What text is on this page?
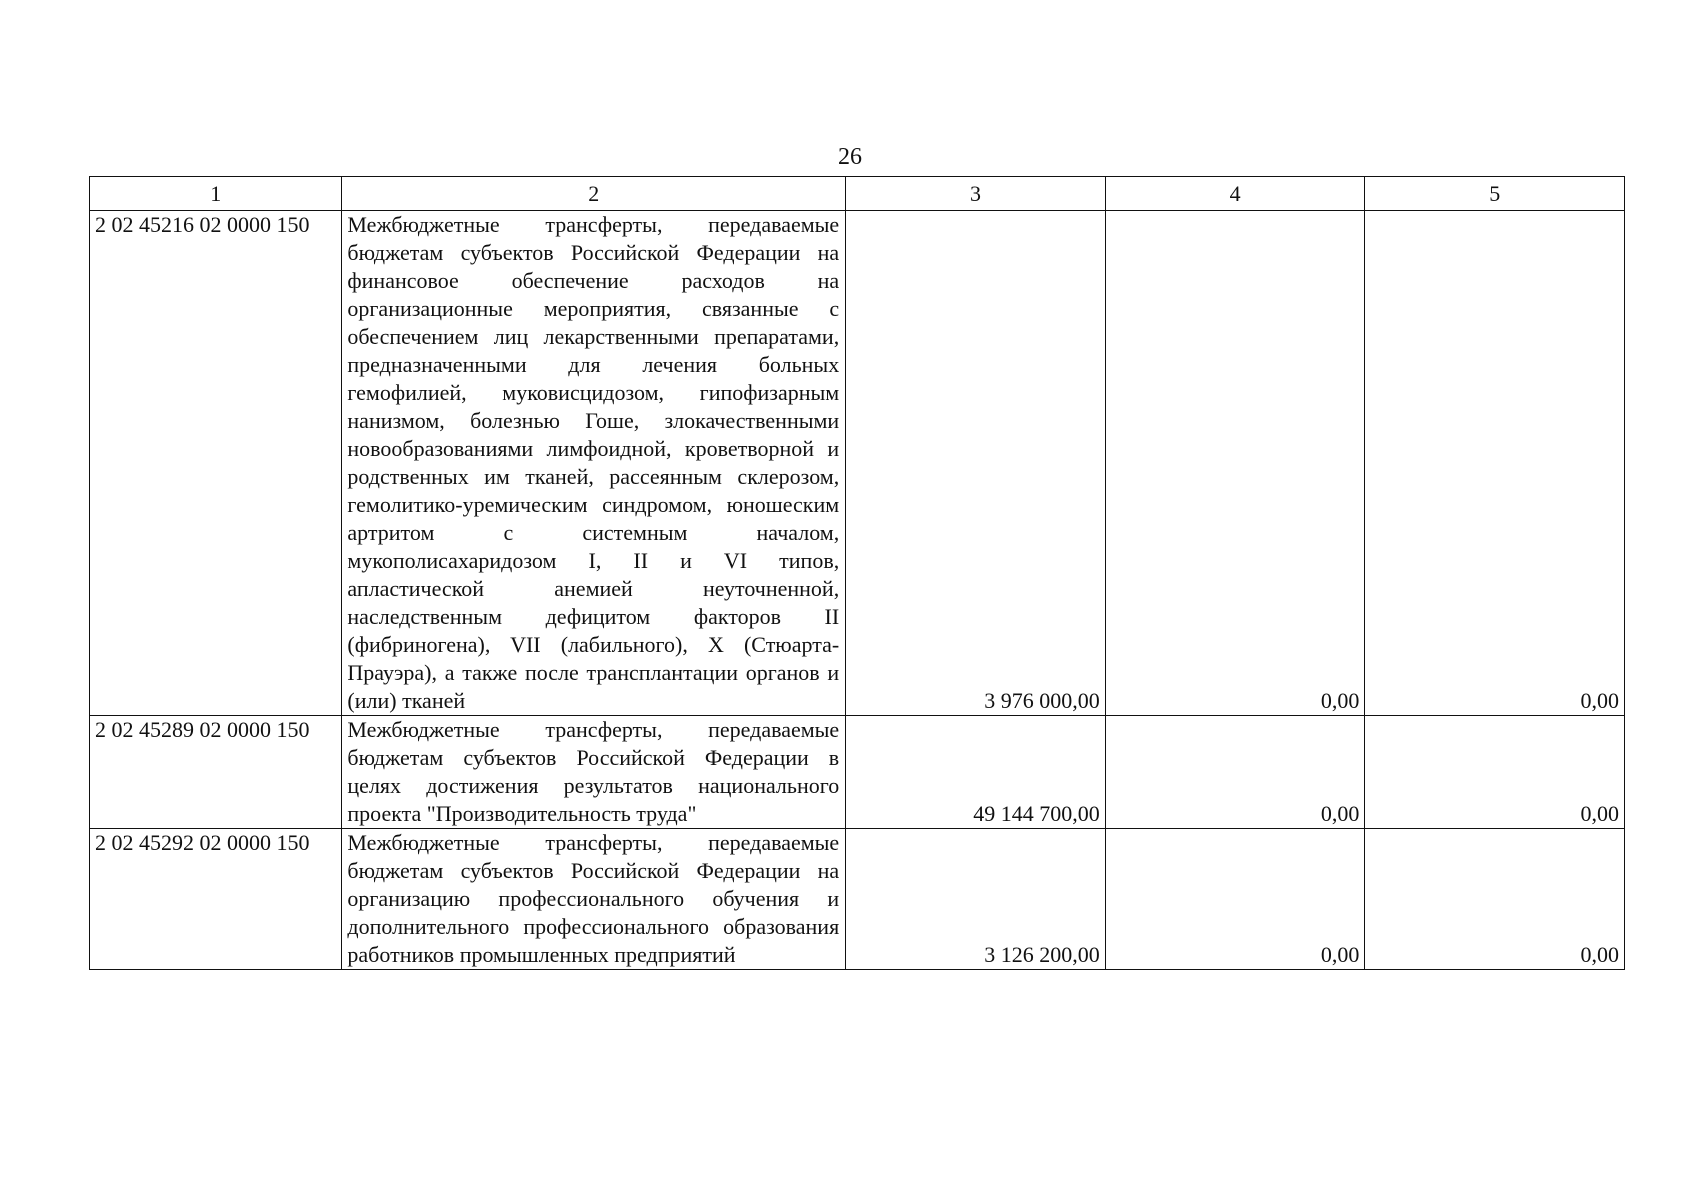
26
1	2	3	4	5
2 02 45216 02 0000 150	Межбюджетные трансферты, передаваемые бюджетам субъектов Российской Федерации на финансовое обеспечение расходов на организационные мероприятия, связанные с обеспечением лиц лекарственными препаратами, предназначенными для лечения больных гемофилией, муковисцидозом, гипофизарным нанизмом, болезнью Гоше, злокачественными новообразованиями лимфоидной, кроветворной и родственных им тканей, рассеянным склерозом, гемолитико-уремическим синдромом, юношеским артритом с системным началом, мукополисахаридозом I, II и VI типов, апластической анемией неуточненной, наследственным дефицитом факторов II (фибриногена), VII (лабильного), X (Стюарта-Прауэра), а также после трансплантации органов и (или) тканей	3 976 000,00	0,00	0,00
2 02 45289 02 0000 150	Межбюджетные трансферты, передаваемые бюджетам субъектов Российской Федерации в целях достижения результатов национального проекта "Производительность труда"	49 144 700,00	0,00	0,00
2 02 45292 02 0000 150	Межбюджетные трансферты, передаваемые бюджетам субъектов Российской Федерации на организацию профессионального обучения и дополнительного профессионального образования работников промышленных предприятий	3 126 200,00	0,00	0,00
